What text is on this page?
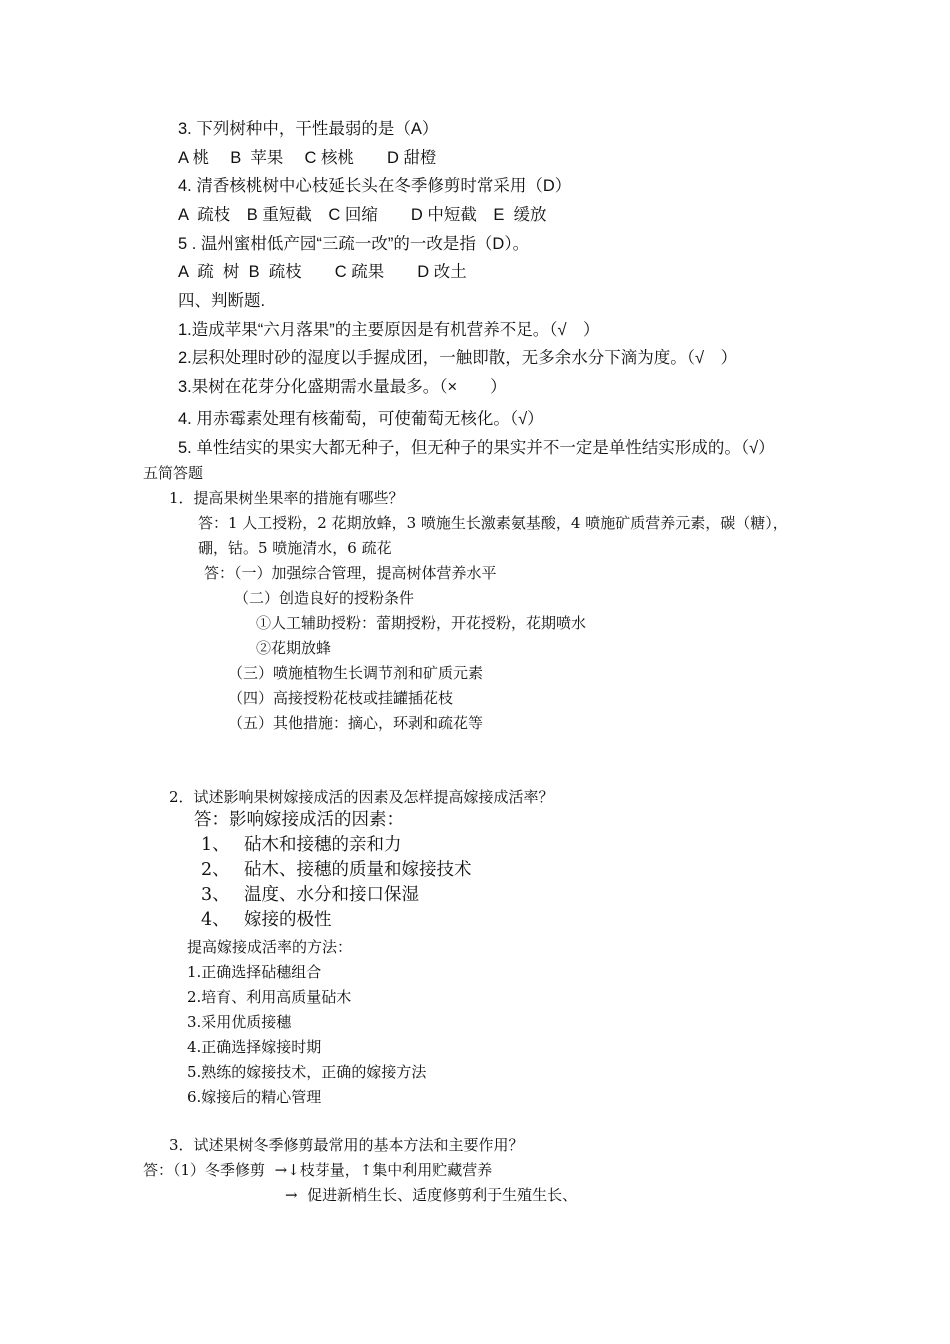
3. 下列树种中，干性最弱的是（A）
A 桃　 B  苹果　 C 核桃　　D 甜橙
4. 清香核桃树中心枝延长头在冬季修剪时常采用（D）
A  疏枝　B 重短截　C 回缩　　D 中短截　E  缓放
5 . 温州蜜柑低产园“三疏一改”的一改是指（D）。
A  疏  树  B  疏枝　　C 疏果　　D 改土
四、判断题.
1.造成苹果“六月落果”的主要原因是有机营养不足。（√　）
2.层积处理时砂的湿度以手握成团，一触即散，无多余水分下滴为度。（√　）
3.果树在花芽分化盛期需水量最多。（×　　）
4. 用赤霉素处理有核葡萄，可使葡萄无核化。（√）
5. 单性结实的果实大都无种子，但无种子的果实并不一定是单性结实形成的。（√）
五简答题
1．提高果树坐果率的措施有哪些？
答：1 人工授粉，2 花期放蜂，3 喷施生长激素氨基酸，4 喷施矿质营养元素，碳（糖），
硼，钴。5 喷施清水，6 疏花
答：（一）加强综合管理，提高树体营养水平
（二）创造良好的授粉条件
①人工辅助授粉：蕾期授粉，开花授粉，花期喷水
②花期放蜂
（三）喷施植物生长调节剂和矿质元素
（四）高接授粉花枝或挂罐插花枝
（五）其他措施：摘心，环剥和疏花等
2．试述影响果树嫁接成活的因素及怎样提高嫁接成活率？
答：影响嫁接成活的因素：
1、　 砧木和接穗的亲和力
2、　 砧木、接穗的质量和嫁接技术
3、　 温度、水分和接口保湿
4、　 嫁接的极性
提高嫁接成活率的方法：
1.正确选择砧穗组合
2.培育、利用高质量砧木
3.采用优质接穗
4.正确选择嫁接时期
5.熟练的嫁接技术，正确的嫁接方法
6.嫁接后的精心管理
3．试述果树冬季修剪最常用的基本方法和主要作用？
答：（1）冬季修剪  →↓枝芽量，↑集中利用贮藏营养
→  促进新梢生长、适度修剪利于生殖生长、
